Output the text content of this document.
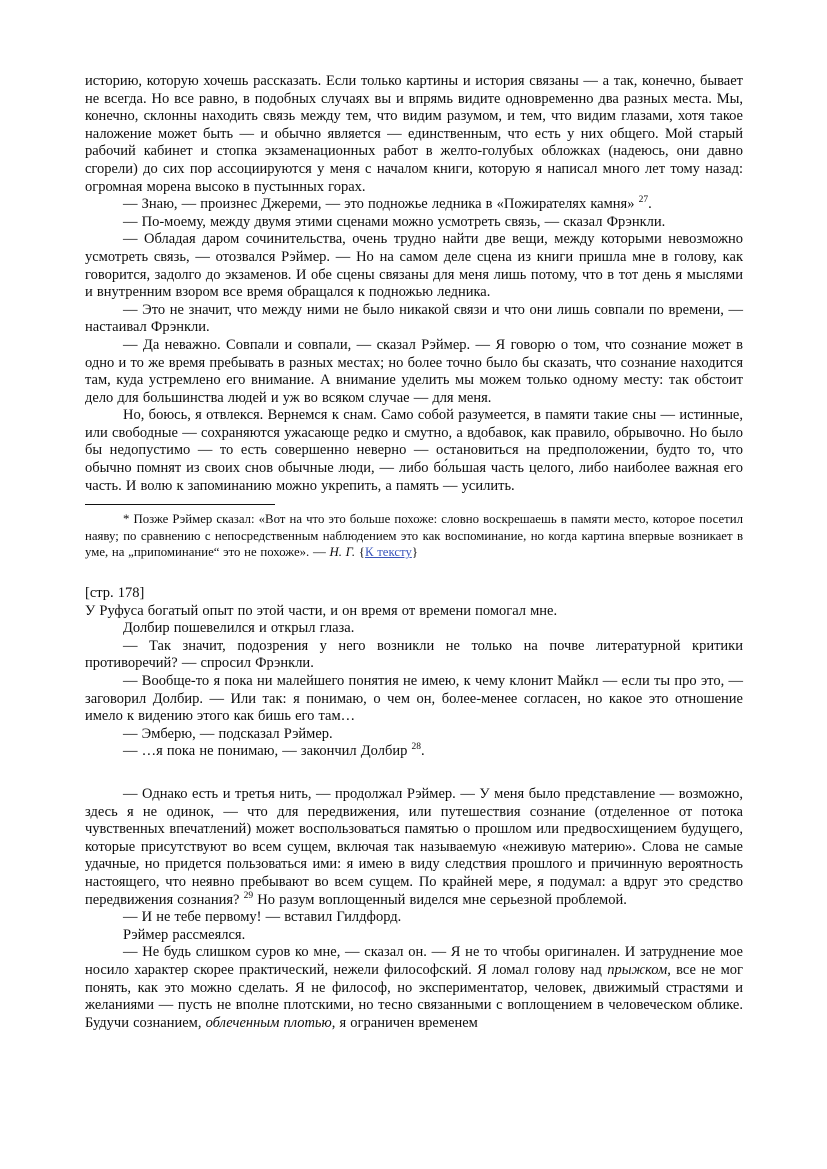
историю, которую хочешь рассказать. Если только картины и история связаны — а так, конечно, бывает не всегда. Но все равно, в подобных случаях вы и впрямь видите одновременно два разных места. Мы, конечно, склонны находить связь между тем, что видим разумом, и тем, что видим глазами, хотя такое наложение может быть — и обычно является — единственным, что есть у них общего. Мой старый рабочий кабинет и стопка экзаменационных работ в желто-голубых обложках (надеюсь, они давно сгорели) до сих пор ассоциируются у меня с началом книги, которую я написал много лет тому назад: огромная морена высоко в пустынных горах.

— Знаю, — произнес Джереми, — это подножье ледника в «Пожирателях камня» $^{27}$.

— По-моему, между двумя этими сценами можно усмотреть связь, — сказал Фрэнкли.

— Обладая даром сочинительства, очень трудно найти две вещи, между которыми невозможно усмотреть связь, — отозвался Рэймер. — Но на самом деле сцена из книги пришла мне в голову, как говорится, задолго до экзаменов. И обе сцены связаны для меня лишь потому, что в тот день я мыслями и внутренним взором все время обращался к подножью ледника.

— Это не значит, что между ними не было никакой связи и что они лишь совпали по времени, — настаивал Фрэнкли.

— Да неважно. Совпали и совпали, — сказал Рэймер. — Я говорю о том, что сознание может в одно и то же время пребывать в разных местах; но более точно было бы сказать, что сознание находится там, куда устремлено его внимание. А внимание уделить мы можем только одному месту: так обстоит дело для большинства людей и уж во всяком случае — для меня.

Но, боюсь, я отвлекся. Вернемся к снам. Само собой разумеется, в памяти такие сны — истинные, или свободные — сохраняются ужасающе редко и смутно, а вдобавок, как правило, обрывочно. Но было бы недопустимо — то есть совершенно неверно — остановиться на предположении, будто то, что обычно помнят из своих снов обычные люди, — либо бо́льшая часть целого, либо наиболее важная его часть. И волю к запоминанию можно укрепить, а память — усилить.

* Позже Рэймер сказал: «Вот на что это больше похоже: словно воскрешаешь в памяти место, которое посетил наяву; по сравнению с непосредственным наблюдением это как воспоминание, но когда картина впервые возникает в уме, на „припоминание“ это не похоже». — Н. Г. {К тексту}

[стр. 178]

У Руфуса богатый опыт по этой части, и он время от времени помогал мне.

Долбир пошевелился и открыл глаза.

— Так значит, подозрения у него возникли не только на почве литературной критики противоречий? — спросил Фрэнкли.

— Вообще-то я пока ни малейшего понятия не имею, к чему клонит Майкл — если ты про это, — заговорил Долбир. — Или так: я понимаю, о чем он, более-менее согласен, но какое это отношение имело к видению этого как бишь его там…

— Эмберю, — подсказал Рэймер.

— …я пока не понимаю, — закончил Долбир $^{28}$.

— Однако есть и третья нить, — продолжал Рэймер. — У меня было представление — возможно, здесь я не одинок, — что для передвижения, или путешествия сознание (отделенное от потока чувственных впечатлений) может воспользоваться памятью о прошлом или предвосхищением будущего, которые присутствуют во всем сущем, включая так называемую «неживую материю». Слова не самые удачные, но придется пользоваться ими: я имею в виду следствия прошлого и причинную вероятность настоящего, что неявно пребывают во всем сущем. По крайней мере, я подумал: а вдруг это средство передвижения сознания? $^{29}$ Но разум воплощенный виделся мне серьезной проблемой.

— И не тебе первому! — вставил Гилдфорд.

Рэймер рассмеялся.

— Не будь слишком суров ко мне, — сказал он. — Я не то чтобы оригинален. И затруднение мое носило характер скорее практический, нежели философский. Я ломал голову над прыжком, все не мог понять, как это можно сделать. Я не философ, но экспериментатор, человек, движимый страстями и желаниями — пусть не вполне плотскими, но тесно связанными с воплощением в человеческом облике. Будучи сознанием, облеченным плотью, я ограничен временем
